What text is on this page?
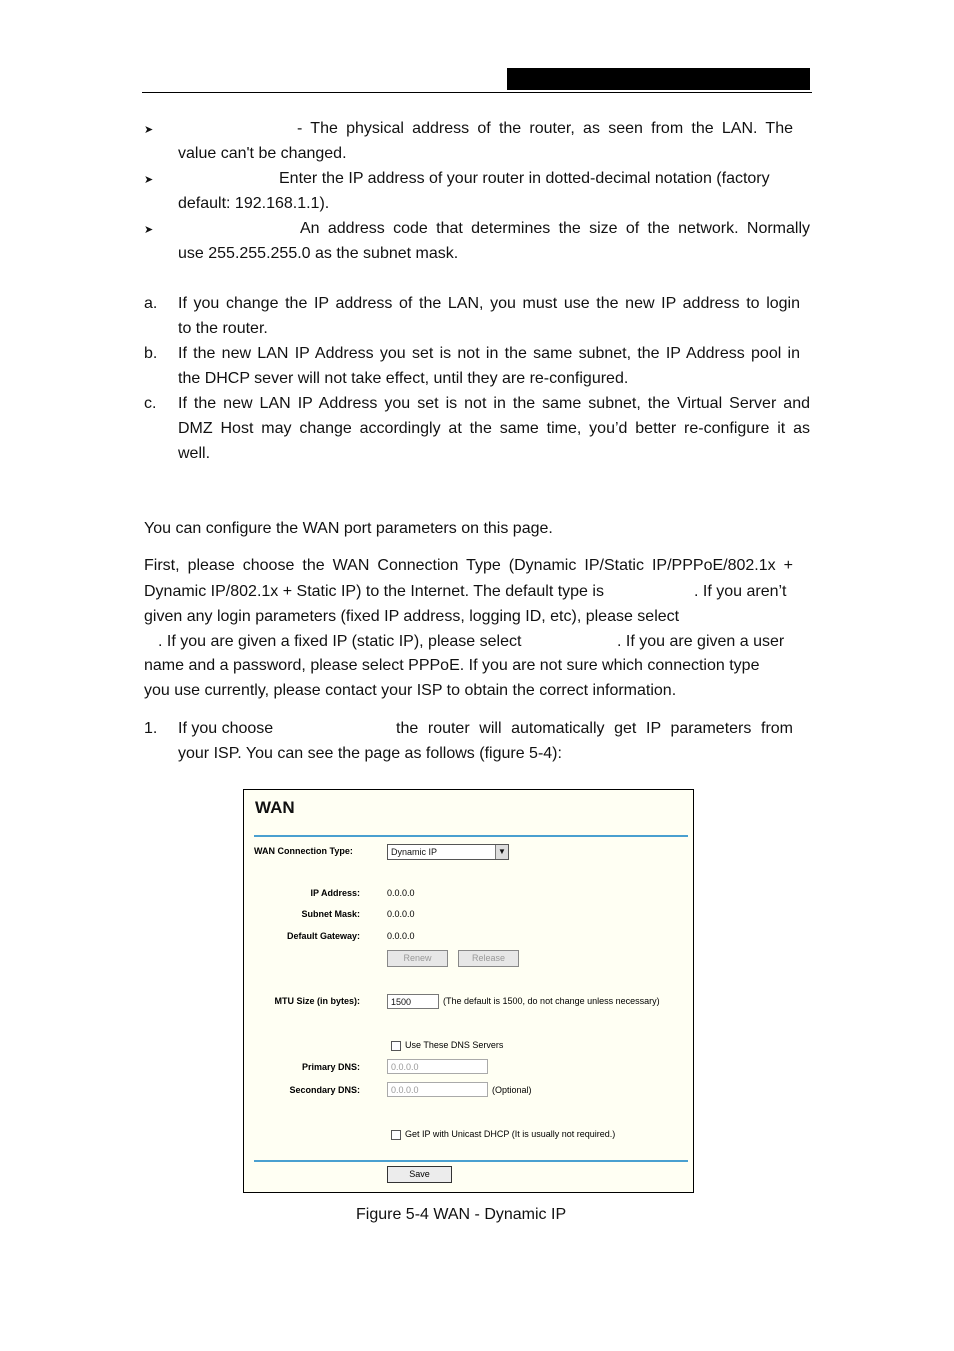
➤	- The physical address of the router, as seen from the LAN. The

value can't be changed.

➤	Enter the IP address of your router in dotted-decimal notation (factory

default: 192.168.1.1).

➤	An address code that determines the size of the network. Normally

use 255.255.255.0 as the subnet mask.

a. If you change the IP address of the LAN, you must use the new IP address to login

to the router.

b. If the new LAN IP Address you set is not in the same subnet, the IP Address pool in

the DHCP sever will not take effect, until they are re-configured.

c. If the new LAN IP Address you set is not in the same subnet, the Virtual Server and

DMZ Host may change accordingly at the same time, you’d better re-configure it as

well.

You can configure the WAN port parameters on this page.

First, please choose the WAN Connection Type (Dynamic IP/Static IP/PPPoE/802.1x +

Dynamic IP/802.1x + Static IP) to the Internet. The default type is	. If you aren’t

given any login parameters (fixed IP address, logging ID, etc), please select

. If you are given a fixed IP (static IP), please select	. If you are given a user

name and a password, please select PPPoE. If you are not sure which connection type

you use currently, please contact your ISP to obtain the correct information.

1. If you choose	the router will automatically get IP parameters from

your ISP. You can see the page as follows (figure 5-4):

WAN
WAN Connection Type:	Dynamic IP	▼
IP Address:	0.0.0.0
Subnet Mask:	0.0.0.0
Default Gateway:	0.0.0.0
Renew	Release
MTU Size (in bytes):	1500	(The default is 1500, do not change unless necessary)
Use These DNS Servers
Primary DNS:	0.0.0.0
Secondary DNS:	0.0.0.0	(Optional)
Get IP with Unicast DHCP (It is usually not required.)
Save
Figure 5-4 WAN - Dynamic IP
